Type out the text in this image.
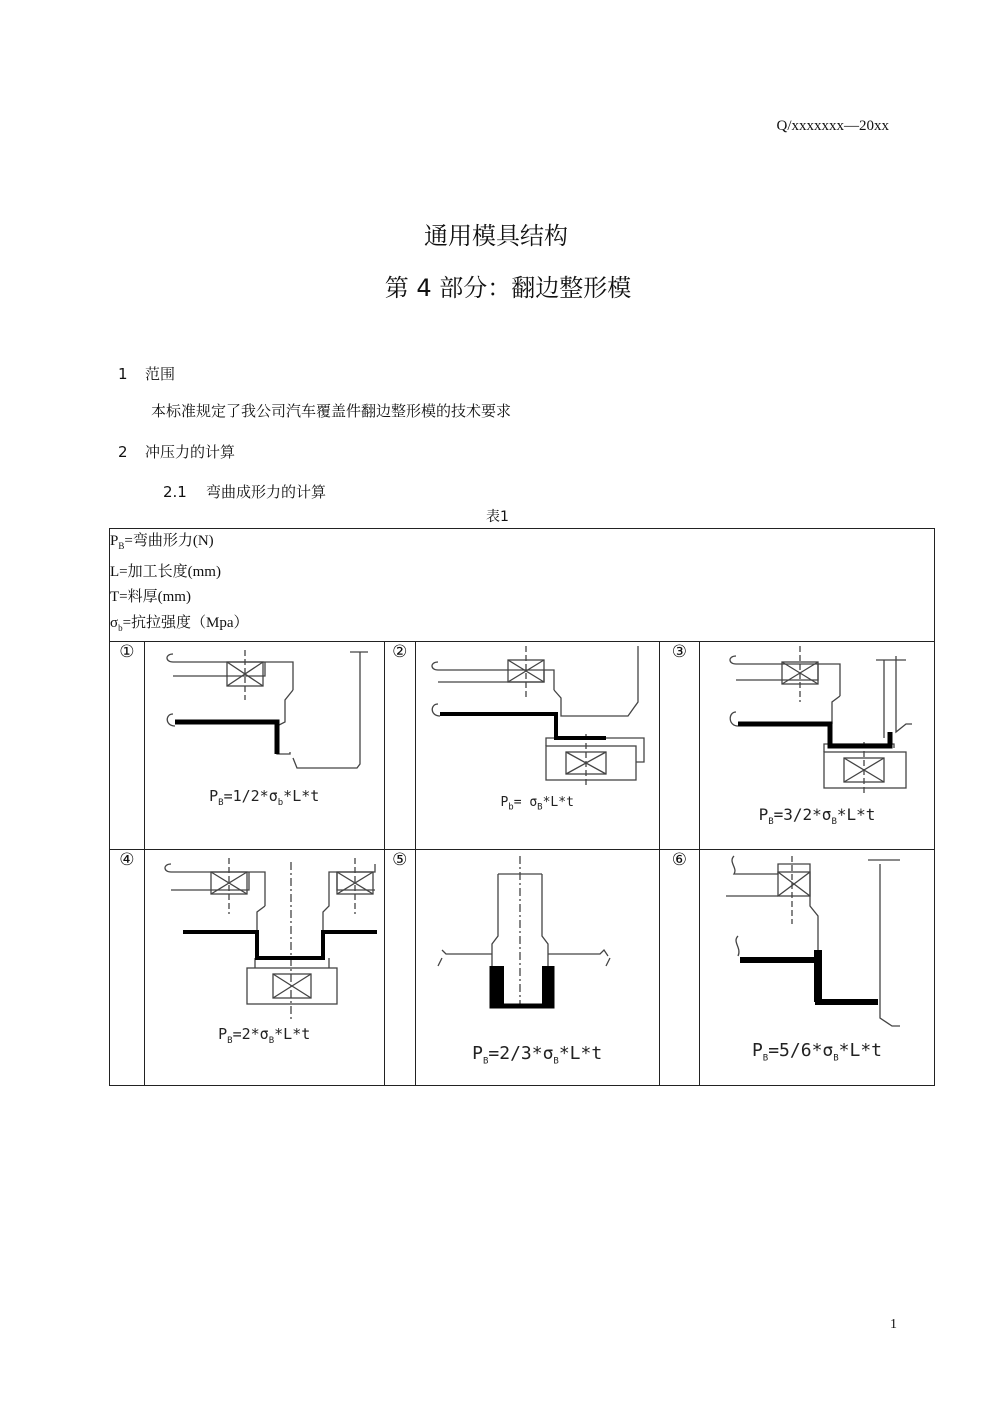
Q/xxxxxxx—20xx
通用模具结构
第 4 部分：翻边整形模
1 范围
本标准规定了我公司汽车覆盖件翻边整形模的技术要求
2 冲压力的计算
2.1 弯曲成形力的计算
表1
$P_B=$弯曲形力(N)
L=加工长度(mm)
T=料厚(mm)
$\sigma_b=$抗拉强度（Mpa）					

①	$P_B=1/2*\sigma_b*L*t$	②	$P_b= \sigma_B*L*t$	③	$P_B=3/2*\sigma_B*L*t$

④	$P_B=2*\sigma_B*L*t$	⑤	$P_B=2/3*\sigma_B*L*t$	⑥	$P_B=5/6*\sigma_B*L*t$
1
